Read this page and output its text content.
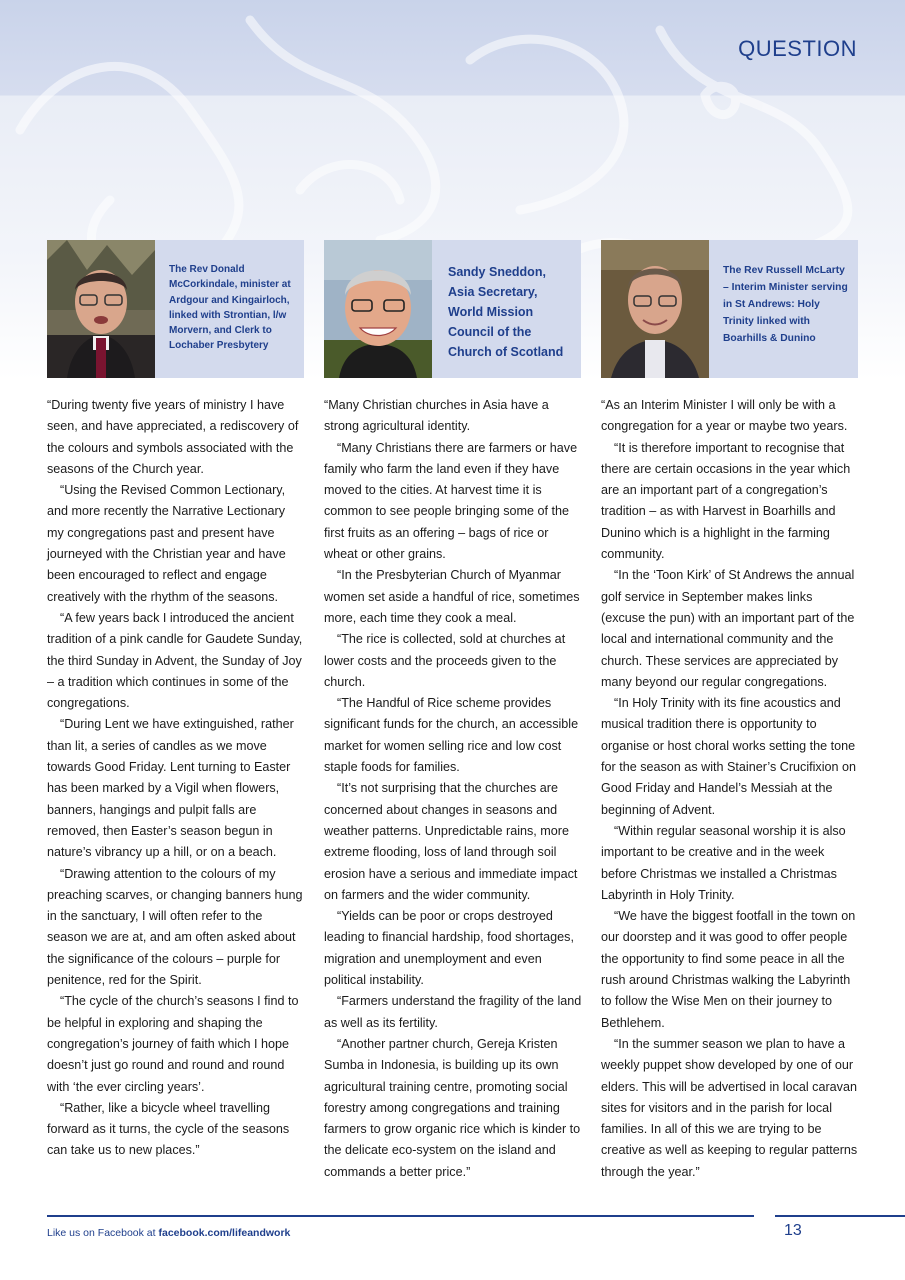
QUESTION
The Rev Donald McCorkindale, minister at Ardgour and Kingairloch, linked with Strontian, l/w Morvern, and Clerk to Lochaber Presbytery
Sandy Sneddon, Asia Secretary, World Mission Council of the Church of Scotland
The Rev Russell McLarty – Interim Minister serving in St Andrews: Holy Trinity linked with Boarhills & Dunino

“During twenty five years of ministry I have seen, and have appreciated, a rediscovery of the colours and symbols associated with the seasons of the Church year.

“Using the Revised Common Lectionary, and more recently the Narrative Lectionary my congregations past and present have journeyed with the Christian year and have been encouraged to reflect and engage creatively with the rhythm of the seasons.

“A few years back I introduced the ancient tradition of a pink candle for Gaudete Sunday, the third Sunday in Advent, the Sunday of Joy – a tradition which continues in some of the congregations.

“During Lent we have extinguished, rather than lit, a series of candles as we move towards Good Friday. Lent turning to Easter has been marked by a Vigil when flowers, banners, hangings and pulpit falls are removed, then Easter’s season begun in nature’s vibrancy up a hill, or on a beach.

“Drawing attention to the colours of my preaching scarves, or changing banners hung in the sanctuary, I will often refer to the season we are at, and am often asked about the significance of the colours – purple for penitence, red for the Spirit.

“The cycle of the church’s seasons I find to be helpful in exploring and shaping the congregation’s journey of faith which I hope doesn’t just go round and round and round with ‘the ever circling years’.

“Rather, like a bicycle wheel travelling forward as it turns, the cycle of the seasons can take us to new places.”

“Many Christian churches in Asia have a strong agricultural identity.

“Many Christians there are farmers or have family who farm the land even if they have moved to the cities. At harvest time it is common to see people bringing some of the first fruits as an offering – bags of rice or wheat or other grains.

“In the Presbyterian Church of Myanmar women set aside a handful of rice, sometimes more, each time they cook a meal.

“The rice is collected, sold at churches at lower costs and the proceeds given to the church.

“The Handful of Rice scheme provides significant funds for the church, an accessible market for women selling rice and low cost staple foods for families.

“It’s not surprising that the churches are concerned about changes in seasons and weather patterns. Unpredictable rains, more extreme flooding, loss of land through soil erosion have a serious and immediate impact on farmers and the wider community.

“Yields can be poor or crops destroyed leading to financial hardship, food shortages, migration and unemployment and even political instability.

“Farmers understand the fragility of the land as well as its fertility.

“Another partner church, Gereja Kristen Sumba in Indonesia, is building up its own agricultural training centre, promoting social forestry among congregations and training farmers to grow organic rice which is kinder to the delicate eco-system on the island and commands a better price.”

“As an Interim Minister I will only be with a congregation for a year or maybe two years.

“It is therefore important to recognise that there are certain occasions in the year which are an important part of a congregation’s tradition – as with Harvest in Boarhills and Dunino which is a highlight in the farming community.

“In the ‘Toon Kirk’ of St Andrews the annual golf service in September makes links (excuse the pun) with an important part of the local and international community and the church. These services are appreciated by many beyond our regular congregations.

“In Holy Trinity with its fine acoustics and musical tradition there is opportunity to organise or host choral works setting the tone for the season as with Stainer’s Crucifixion on Good Friday and Handel’s Messiah at the beginning of Advent.

“Within regular seasonal worship it is also important to be creative and in the week before Christmas we installed a Christmas Labyrinth in Holy Trinity.

“We have the biggest footfall in the town on our doorstep and it was good to offer people the opportunity to find some peace in all the rush around Christmas walking the Labyrinth to follow the Wise Men on their journey to Bethlehem.

“In the summer season we plan to have a weekly puppet show developed by one of our elders. This will be advertised in local caravan sites for visitors and in the parish for local families. In all of this we are trying to be creative as well as keeping to regular patterns through the year.”

Like us on Facebook at facebook.com/lifeandwork	13
